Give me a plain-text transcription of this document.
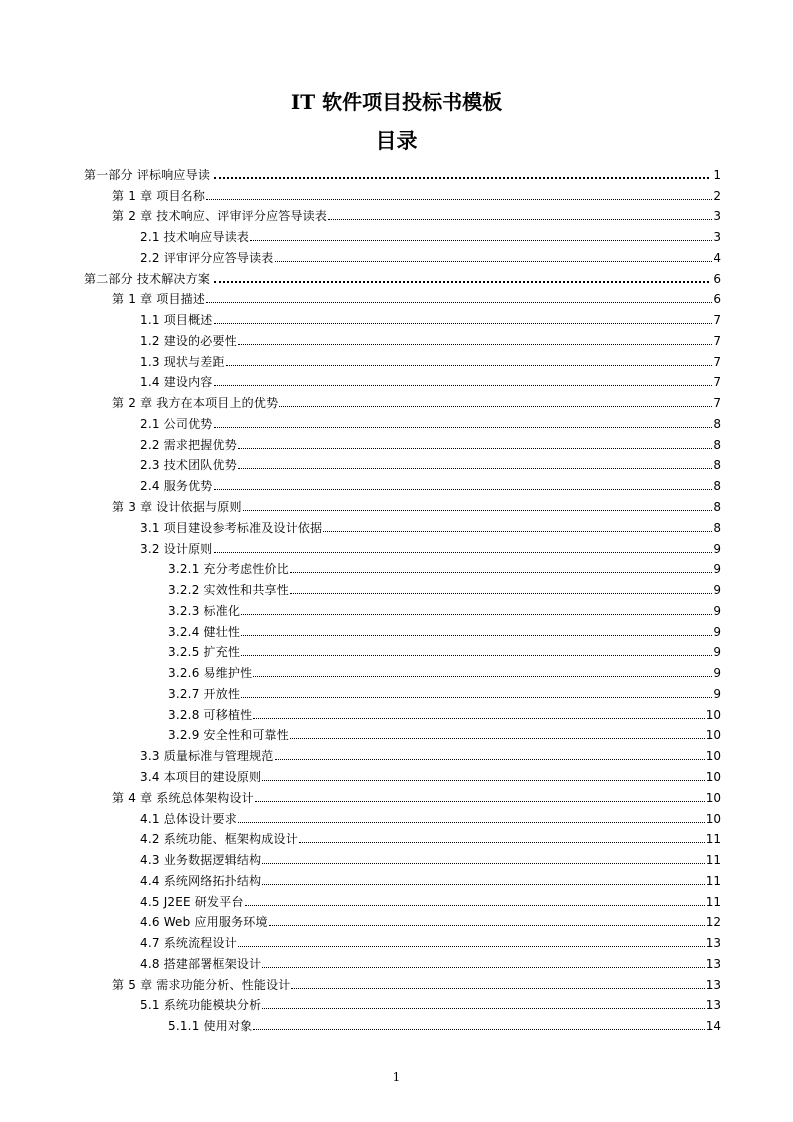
IT 软件项目投标书模板
目录
第一部分 评标响应导读	1
第 1 章 项目名称	2
第 2 章 技术响应、评审评分应答导读表	3
2.1 技术响应导读表	3
2.2 评审评分应答导读表	4
第二部分 技术解决方案	6
第 1 章 项目描述	6
1.1 项目概述	7
1.2 建设的必要性	7
1.3 现状与差距	7
1.4 建设内容	7
第 2 章 我方在本项目上的优势	7
2.1 公司优势	8
2.2 需求把握优势	8
2.3 技术团队优势	8
2.4 服务优势	8
第 3 章 设计依据与原则	8
3.1 项目建设参考标准及设计依据	8
3.2 设计原则	9
3.2.1 充分考虑性价比	9
3.2.2 实效性和共享性	9
3.2.3 标准化	9
3.2.4 健壮性	9
3.2.5 扩充性	9
3.2.6 易维护性	9
3.2.7 开放性	9
3.2.8 可移植性	10
3.2.9 安全性和可靠性	10
3.3 质量标准与管理规范	10
3.4 本项目的建设原则	10
第 4 章 系统总体架构设计	10
4.1 总体设计要求	10
4.2 系统功能、框架构成设计	11
4.3 业务数据逻辑结构	11
4.4 系统网络拓扑结构	11
4.5 J2EE 研发平台	11
4.6 Web 应用服务环境	12
4.7 系统流程设计	13
4.8 搭建部署框架设计	13
第 5 章 需求功能分析、性能设计	13
5.1 系统功能模块分析	13
5.1.1 使用对象	14
1
